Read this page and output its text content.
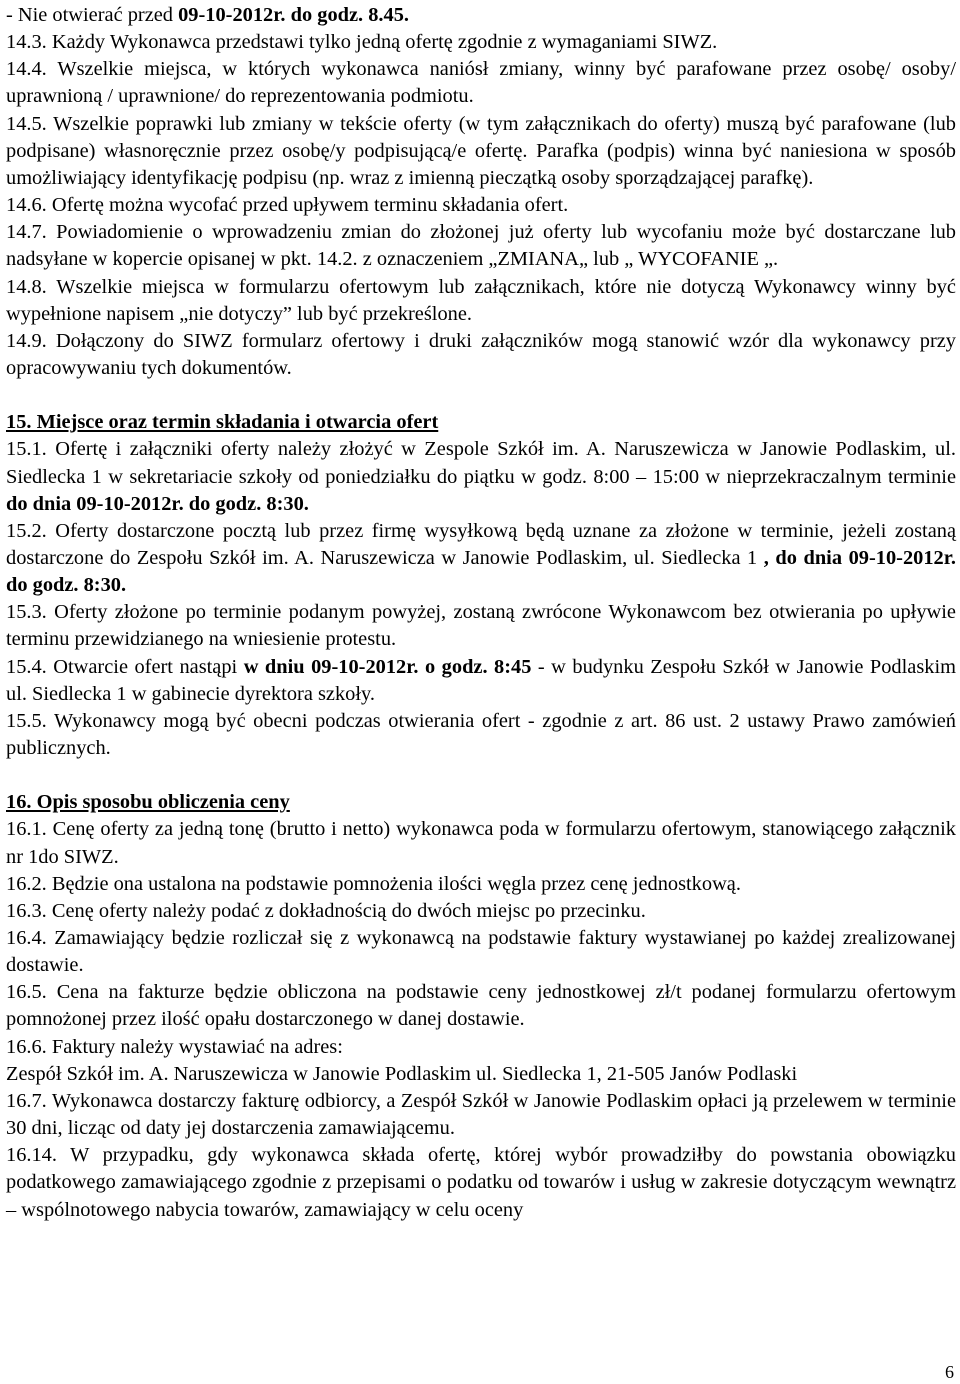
- Nie otwierać przed 09-10-2012r. do godz. 8.45.

14.3. Każdy Wykonawca przedstawi tylko jedną ofertę zgodnie z wymaganiami SIWZ.

14.4. Wszelkie miejsca, w których wykonawca naniósł zmiany, winny być parafowane przez osobę/ osoby/ uprawnioną / uprawnione/ do reprezentowania podmiotu.

14.5. Wszelkie poprawki lub zmiany w tekście oferty (w tym załącznikach do oferty) muszą być parafowane (lub podpisane) własnoręcznie przez osobę/y podpisującą/e ofertę. Parafka (podpis) winna być naniesiona w sposób umożliwiający identyfikację podpisu (np. wraz z imienną pieczątką osoby sporządzającej parafkę).

14.6. Ofertę można wycofać przed upływem terminu składania ofert.

14.7. Powiadomienie o wprowadzeniu zmian do złożonej już oferty lub wycofaniu może być dostarczane lub nadsyłane w kopercie opisanej w pkt. 14.2. z oznaczeniem „ZMIANA„ lub „ WYCOFANIE „.

14.8. Wszelkie miejsca w formularzu ofertowym lub załącznikach, które nie dotyczą Wykonawcy winny być wypełnione napisem „nie dotyczy” lub być przekreślone.

14.9. Dołączony do SIWZ formularz ofertowy i druki załączników mogą stanowić wzór dla wykonawcy przy opracowywaniu tych dokumentów.

15. Miejsce oraz termin składania i otwarcia ofert

15.1. Ofertę i załączniki oferty należy złożyć w Zespole Szkół im. A. Naruszewicza w Janowie Podlaskim, ul. Siedlecka 1 w sekretariacie szkoły od poniedziałku do piątku w godz. 8:00 – 15:00 w nieprzekraczalnym terminie do dnia 09-10-2012r. do godz. 8:30.

15.2. Oferty dostarczone pocztą lub przez firmę wysyłkową będą uznane za złożone w terminie, jeżeli zostaną dostarczone do Zespołu Szkół im. A. Naruszewicza w Janowie Podlaskim, ul. Siedlecka 1 , do dnia 09-10-2012r. do godz. 8:30.

15.3. Oferty złożone po terminie podanym powyżej, zostaną zwrócone Wykonawcom bez otwierania po upływie terminu przewidzianego na wniesienie protestu.

15.4. Otwarcie ofert nastąpi w dniu 09-10-2012r. o godz. 8:45 - w budynku Zespołu Szkół w Janowie Podlaskim ul. Siedlecka 1 w gabinecie dyrektora szkoły.

15.5. Wykonawcy mogą być obecni podczas otwierania ofert - zgodnie z art. 86 ust. 2 ustawy Prawo zamówień publicznych.

16. Opis sposobu obliczenia ceny

16.1. Cenę oferty za jedną tonę (brutto i netto) wykonawca poda w formularzu ofertowym, stanowiącego załącznik nr 1do SIWZ.

16.2. Będzie ona ustalona na podstawie pomnożenia ilości węgla przez cenę jednostkową.

16.3. Cenę oferty należy podać z dokładnością do dwóch miejsc po przecinku.

16.4. Zamawiający będzie rozliczał się z wykonawcą na podstawie faktury wystawianej po każdej zrealizowanej dostawie.

16.5. Cena na fakturze będzie obliczona na podstawie ceny jednostkowej zł/t podanej formularzu ofertowym pomnożonej przez ilość opału dostarczonego w danej dostawie.

16.6. Faktury należy wystawiać na adres:

Zespół Szkół im. A. Naruszewicza w Janowie Podlaskim ul. Siedlecka 1, 21-505 Janów Podlaski

16.7. Wykonawca dostarczy fakturę odbiorcy, a Zespół Szkół w Janowie Podlaskim opłaci ją przelewem w terminie 30 dni, licząc od daty jej dostarczenia zamawiającemu.

16.14. W przypadku, gdy wykonawca składa ofertę, której wybór prowadziłby do powstania obowiązku podatkowego zamawiającego zgodnie z przepisami o podatku od towarów i usług w zakresie dotyczącym wewnątrz – wspólnotowego nabycia towarów, zamawiający w celu oceny

6
